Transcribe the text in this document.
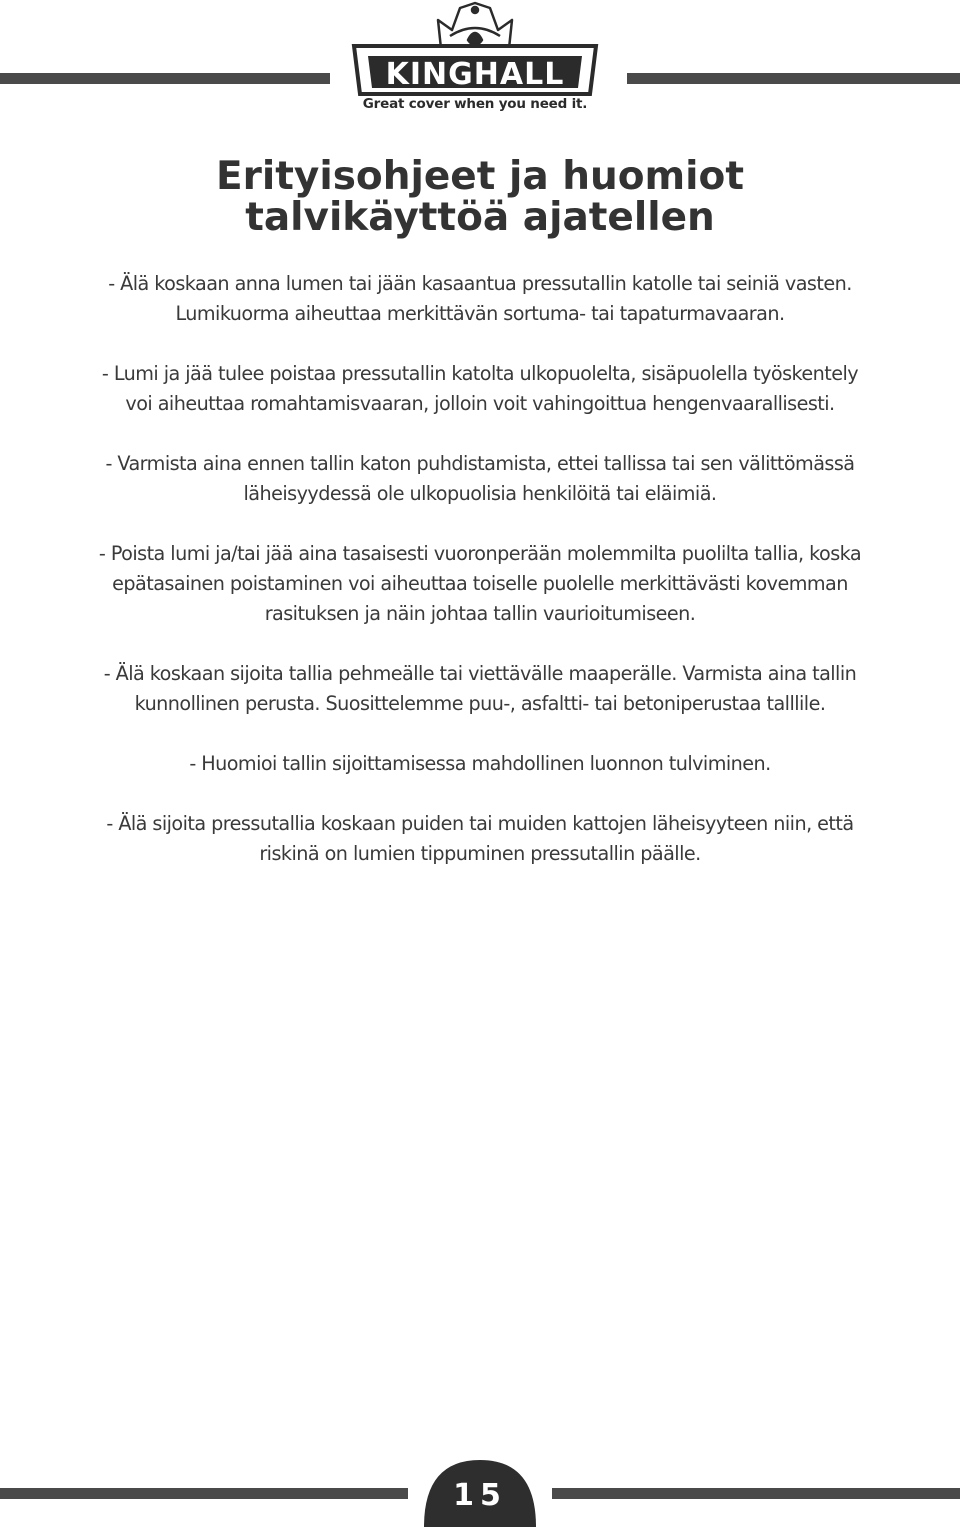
KINGHALL
Great cover when you need it.
Erityisohjeet ja huomiot
talvikäyttöä ajatellen
- Älä koskaan anna lumen tai jään kasaantua pressutallin katolle tai seiniä vasten.
Lumikuorma aiheuttaa merkittävän sortuma- tai tapaturmavaaran.
- Lumi ja jää tulee poistaa pressutallin katolta ulkopuolelta, sisäpuolella työskentely
voi aiheuttaa romahtamisvaaran, jolloin voit vahingoittua hengenvaarallisesti.
- Varmista aina ennen tallin katon puhdistamista, ettei tallissa tai sen välittömässä
läheisyydessä ole ulkopuolisia henkilöitä tai eläimiä.
- Poista lumi ja/tai jää aina tasaisesti vuoronperään molemmilta puolilta tallia, koska
epätasainen poistaminen voi aiheuttaa toiselle puolelle merkittävästi kovemman
rasituksen ja näin johtaa tallin vaurioitumiseen.
- Älä koskaan sijoita tallia pehmeälle tai viettävälle maaperälle. Varmista aina tallin
kunnollinen perusta. Suosittelemme puu-, asfaltti- tai betoniperustaa talllile.
- Huomioi tallin sijoittamisessa mahdollinen luonnon tulviminen.
- Älä sijoita pressutallia koskaan puiden tai muiden kattojen läheisyyteen niin, että
riskinä on lumien tippuminen pressutallin päälle.
15
